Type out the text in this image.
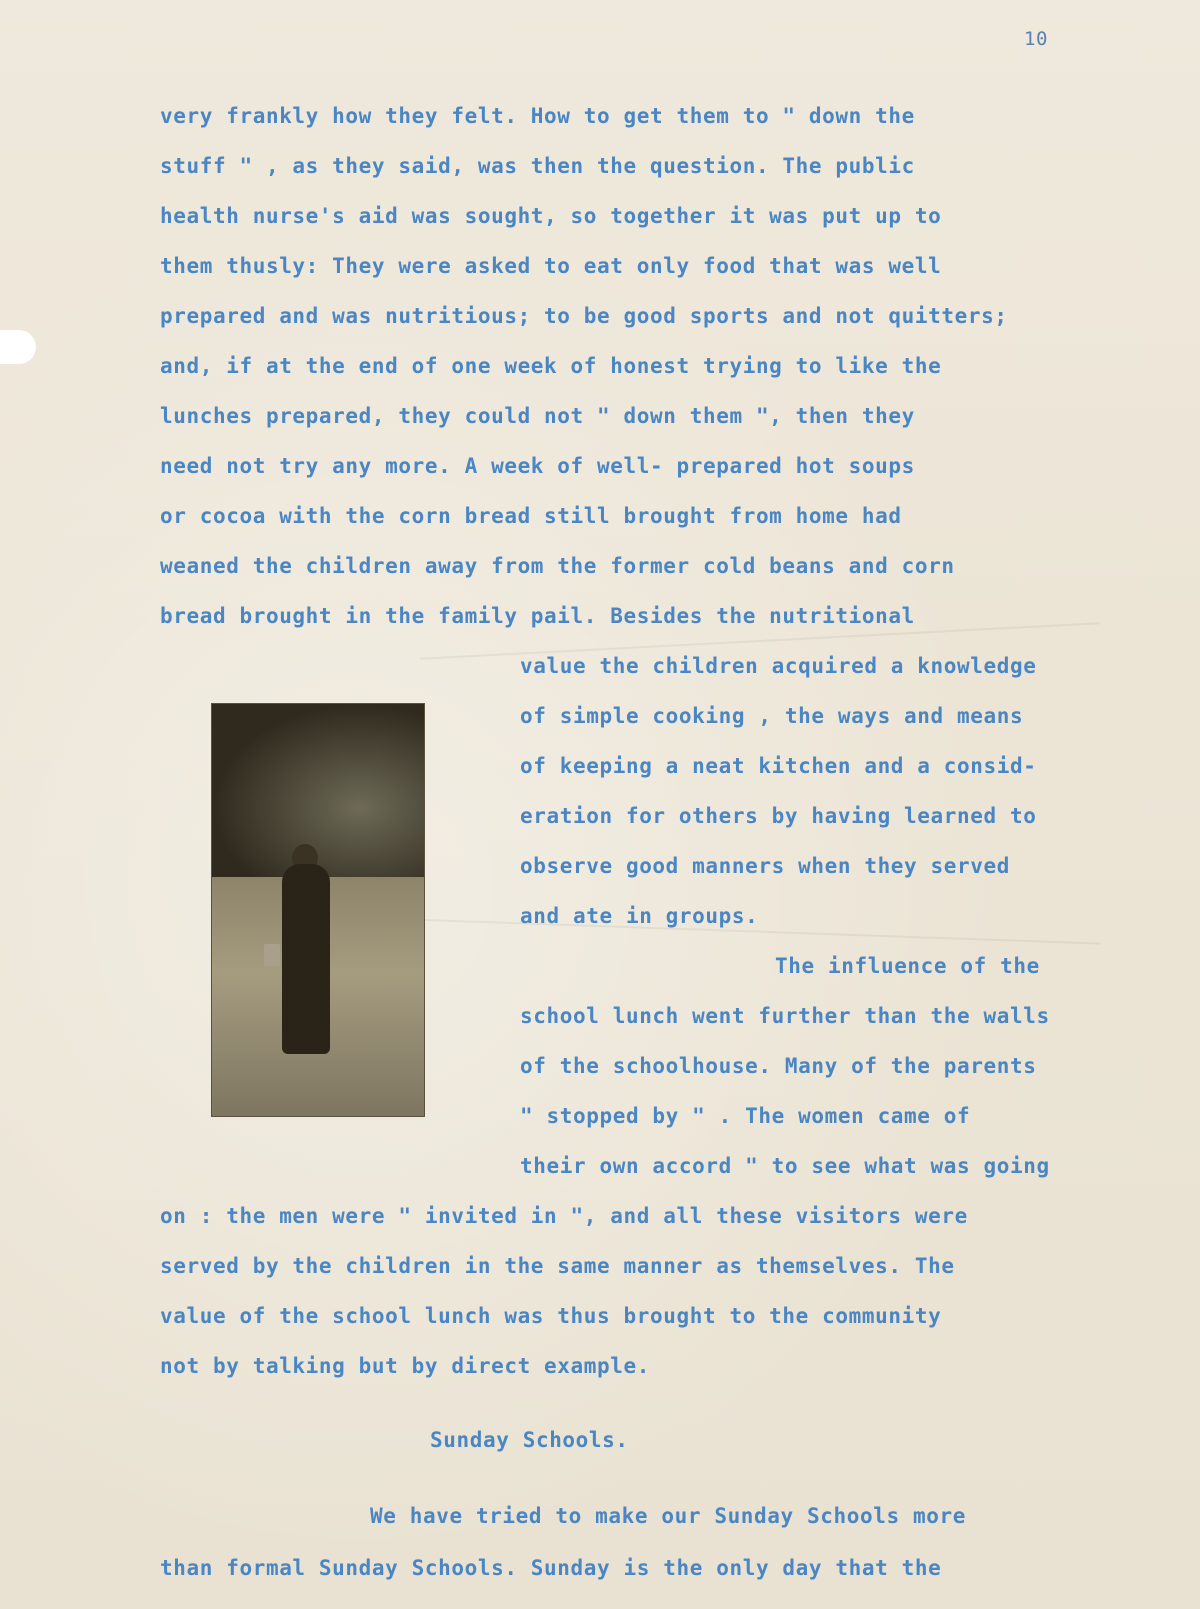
10
very frankly how they felt. How to get them to " down the
stuff " , as they said, was then the question. The public
health nurse's aid was sought, so together it was put up to
them thusly: They were asked to eat only food that was well
prepared and was nutritious; to be good sports and not quitters;
and, if at the end of one week of honest trying to like the
lunches prepared, they could not " down them ", then they
need not try any more. A week of well- prepared hot soups
or cocoa with the corn bread still brought from home had
weaned the children away from the former cold beans and corn
bread brought in the family pail. Besides the nutritional
value the children acquired a knowledge
of simple cooking , the ways and means
of keeping a neat kitchen and a consid-
eration for others by having learned to
observe good manners when they served
and ate in groups.
The influence of the
school lunch went further than the walls
of the schoolhouse. Many of the parents
" stopped by " . The women came of
their own accord " to see what was going
on : the men were " invited in ", and all these visitors were
served by the children in the same manner as themselves. The
value of the school lunch was thus brought to the community
not by talking but by direct example.
Sunday Schools.
We have tried to make our Sunday Schools more
than formal Sunday Schools. Sunday is the only day that the
